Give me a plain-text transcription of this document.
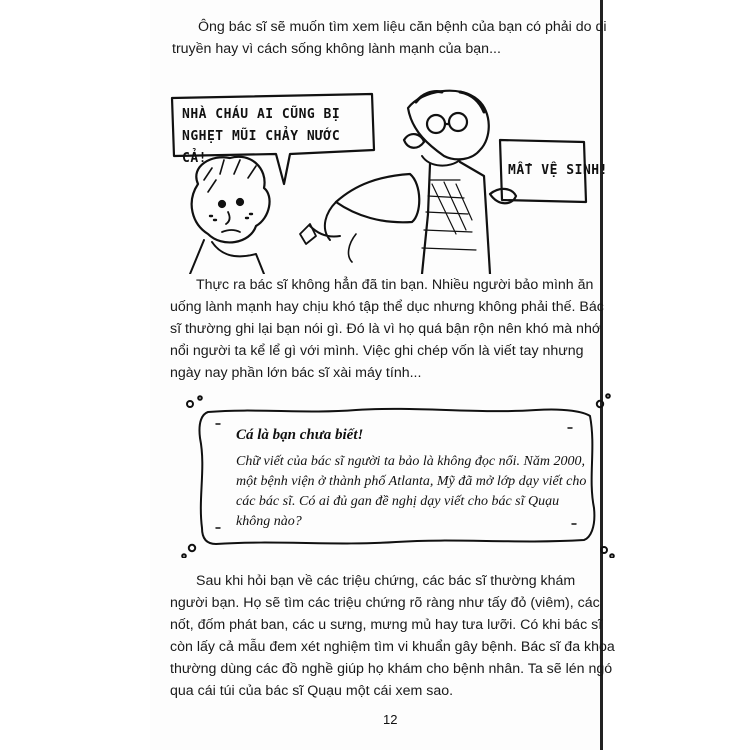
Ông bác sĩ sẽ muốn tìm xem liệu căn bệnh của bạn có phải do di truyền hay vì cách sống không lành mạnh của bạn...

NHÀ CHÁU AI CŨNG BỊ NGHẸT MŨI CHẢY NƯỚC CẢ!
MẤT VỆ SINH!

Thực ra bác sĩ không hẳn đã tin bạn. Nhiều người bảo mình ăn uống lành mạnh hay chịu khó tập thể dục nhưng không phải thế. Bác sĩ thường ghi lại bạn nói gì. Đó là vì họ quá bận rộn nên khó mà nhớ nổi người ta kể lể gì với mình. Việc ghi chép vốn là viết tay nhưng ngày nay phần lớn bác sĩ xài máy tính...

Cá là bạn chưa biết!

Chữ viết của bác sĩ người ta bảo là không đọc nổi. Năm 2000, một bệnh viện ở thành phố Atlanta, Mỹ đã mở lớp dạy viết cho các bác sĩ. Có ai đủ gan đề nghị dạy viết cho bác sĩ Quạu không nào?

Sau khi hỏi bạn về các triệu chứng, các bác sĩ thường khám người bạn. Họ sẽ tìm các triệu chứng rõ ràng như tấy đỏ (viêm), các nốt, đốm phát ban, các u sưng, mưng mủ hay tưa lưỡi. Có khi bác sĩ còn lấy cả mẫu đem xét nghiệm tìm vi khuẩn gây bệnh. Bác sĩ đa khoa thường dùng các đồ nghề giúp họ khám cho bệnh nhân. Ta sẽ lén ngó qua cái túi của bác sĩ Quạu một cái xem sao.

12
